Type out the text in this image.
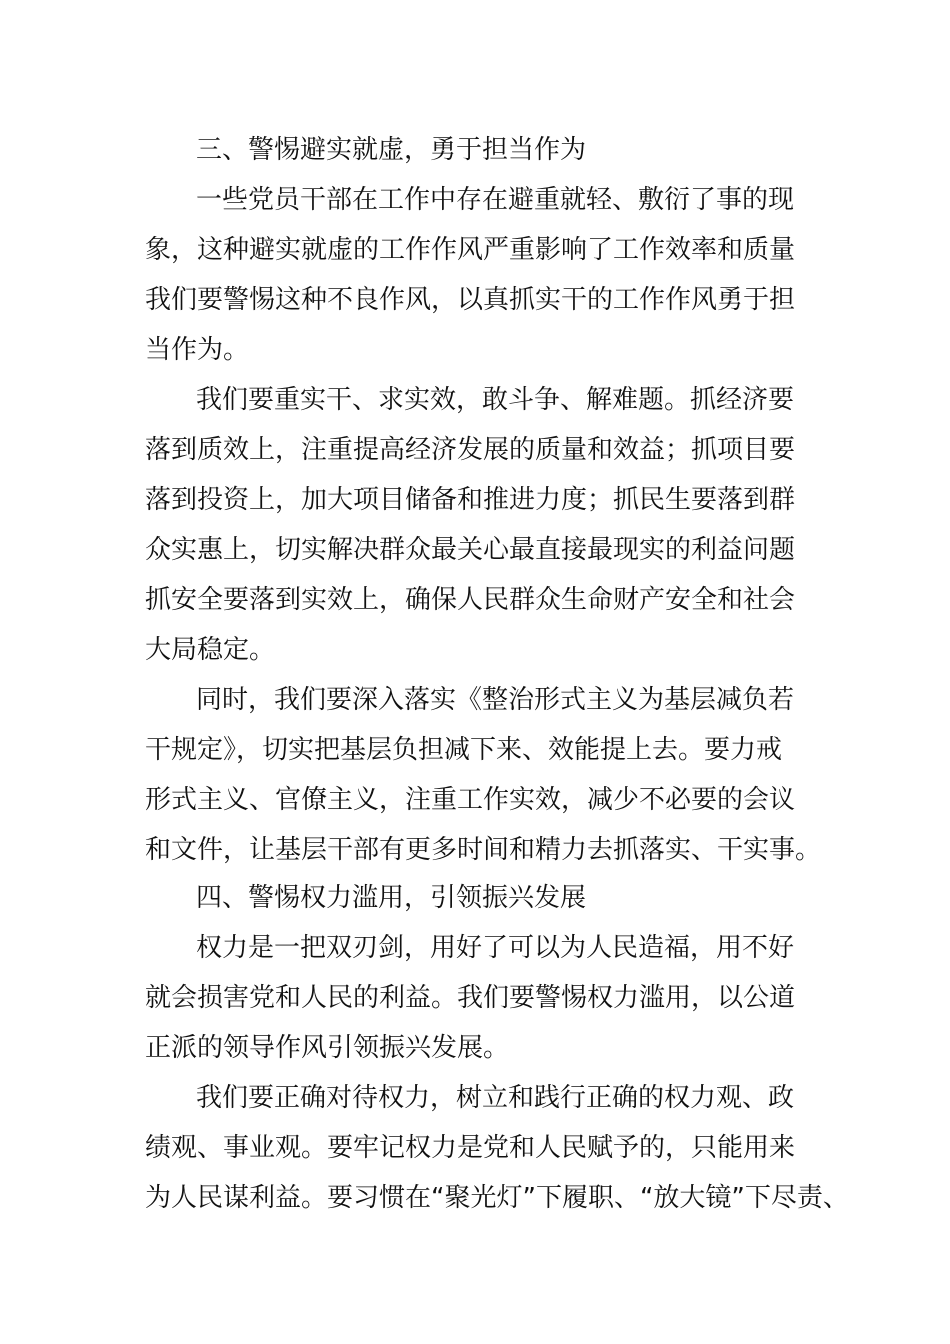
三、警惕避实就虚，勇于担当作为
一些党员干部在工作中存在避重就轻、敷衍了事的现
象，这种避实就虚的工作作风严重影响了工作效率和质量
我们要警惕这种不良作风，以真抓实干的工作作风勇于担
当作为。
我们要重实干、求实效，敢斗争、解难题。抓经济要
落到质效上，注重提高经济发展的质量和效益；抓项目要
落到投资上，加大项目储备和推进力度；抓民生要落到群
众实惠上，切实解决群众最关心最直接最现实的利益问题
抓安全要落到实效上，确保人民群众生命财产安全和社会
大局稳定。
同时，我们要深入落实《整治形式主义为基层减负若
干规定》，切实把基层负担减下来、效能提上去。要力戒
形式主义、官僚主义，注重工作实效，减少不必要的会议
和文件，让基层干部有更多时间和精力去抓落实、干实事。
四、警惕权力滥用，引领振兴发展
权力是一把双刃剑，用好了可以为人民造福，用不好
就会损害党和人民的利益。我们要警惕权力滥用，以公道
正派的领导作风引领振兴发展。
我们要正确对待权力，树立和践行正确的权力观、政
绩观、事业观。要牢记权力是党和人民赋予的，只能用来
为人民谋利益。要习惯在“聚光灯”下履职、“放大镜”下尽责、
